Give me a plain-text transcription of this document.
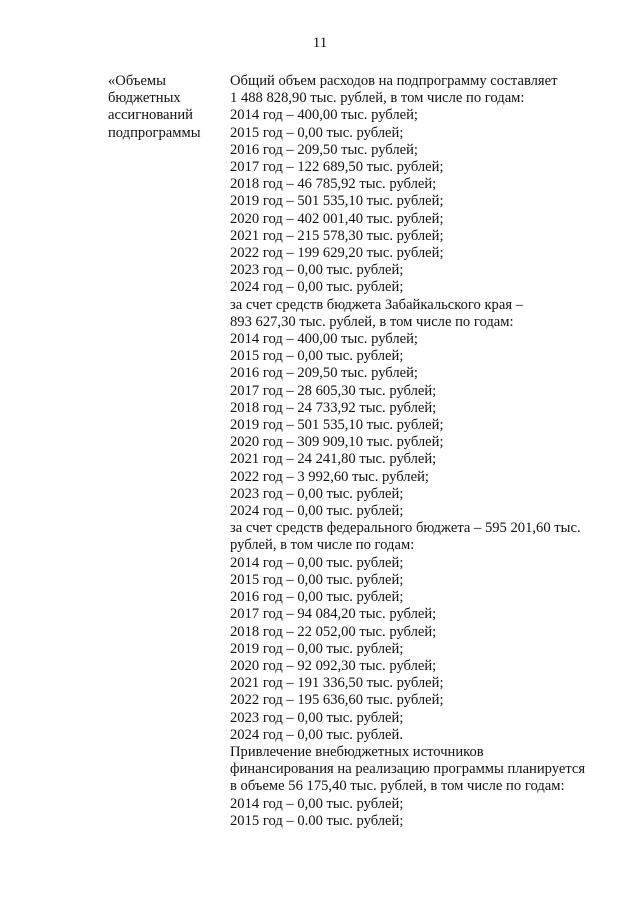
11
«Объемы
бюджетных
ассигнований
подпрограммы
Общий объем расходов на подпрограмму составляет
1 488 828,90 тыс. рублей, в том числе по годам:
2014 год – 400,00 тыс. рублей;
2015 год – 0,00 тыс. рублей;
2016 год – 209,50 тыс. рублей;
2017 год – 122 689,50 тыс. рублей;
2018 год – 46 785,92 тыс. рублей;
2019 год – 501 535,10 тыс. рублей;
2020 год – 402 001,40 тыс. рублей;
2021 год – 215 578,30 тыс. рублей;
2022 год – 199 629,20 тыс. рублей;
2023 год – 0,00 тыс. рублей;
2024 год – 0,00 тыс. рублей;
за счет средств бюджета Забайкальского края –
893 627,30 тыс. рублей, в том числе по годам:
2014 год – 400,00 тыс. рублей;
2015 год – 0,00 тыс. рублей;
2016 год – 209,50 тыс. рублей;
2017 год – 28 605,30 тыс. рублей;
2018 год – 24 733,92 тыс. рублей;
2019 год – 501 535,10 тыс. рублей;
2020 год – 309 909,10 тыс. рублей;
2021 год – 24 241,80 тыс. рублей;
2022 год – 3 992,60 тыс. рублей;
2023 год – 0,00 тыс. рублей;
2024 год – 0,00 тыс. рублей;
за счет средств федерального бюджета – 595 201,60 тыс.
рублей, в том числе по годам:
2014 год – 0,00 тыс. рублей;
2015 год – 0,00 тыс. рублей;
2016 год – 0,00 тыс. рублей;
2017 год – 94 084,20 тыс. рублей;
2018 год – 22 052,00 тыс. рублей;
2019 год – 0,00 тыс. рублей;
2020 год – 92 092,30 тыс. рублей;
2021 год – 191 336,50 тыс. рублей;
2022 год – 195 636,60 тыс. рублей;
2023 год – 0,00 тыс. рублей;
2024 год – 0,00 тыс. рублей.
Привлечение внебюджетных источников
финансирования на реализацию программы планируется
в объеме 56 175,40 тыс. рублей, в том числе по годам:
2014 год – 0,00 тыс. рублей;
2015 год – 0.00 тыс. рублей;
